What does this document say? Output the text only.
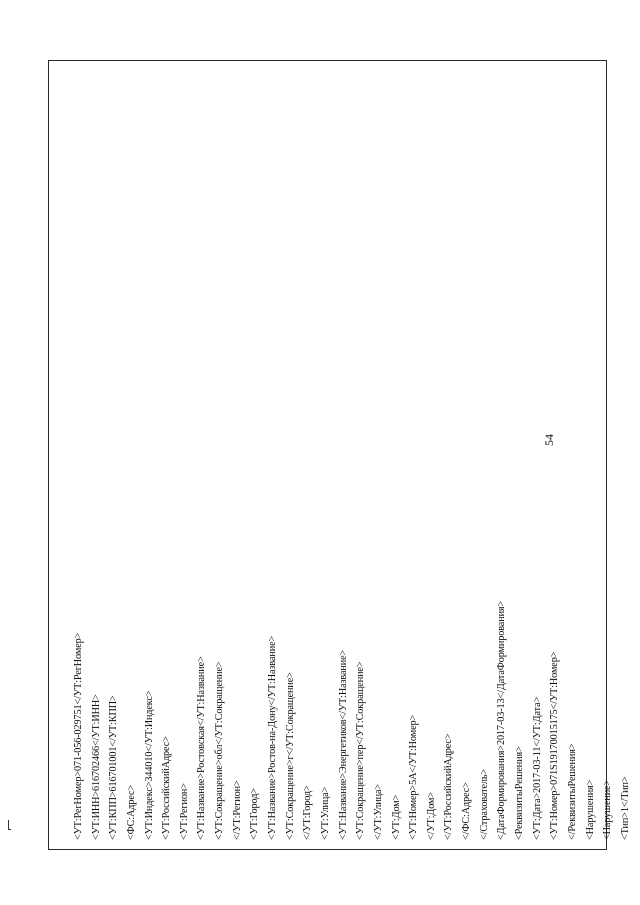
54
<УТ:РегНомер>071-056-029751</УТ:РегНомер> <УТ:ИНН>616702466</УТ:ИНН> <УТ:КПП>616701001</УТ:КПП> <ФС:Адрес> <УТ:Индекс>344010</УТ:Индекс> <УТ:РоссийскийАдрес> <УТ:Регион> <УТ:Название>Ростовская</УТ:Название> <УТ:Сокращение>обл</УТ:Сокращение> </УТ:Регион> <УТ:Город> <УТ:Название>Ростов-на-Дону</УТ:Название> <УТ:Сокращение>г</УТ:Сокращение> </УТ:Город> <УТ:Улица> <УТ:Название>Энергетиков</УТ:Название> <УТ:Сокращение>пер</УТ:Сокращение> </УТ:Улица> <УТ:Дом> <УТ:Номер>5А</УТ:Номер> </УТ:Дом> </УТ:РоссийскийАдрес> </ФС:Адрес> </Страхователь> <ДатаФормирования>2017-03-13</ДатаФормирования> <РеквизитыРешения> <УТ:Дата>2017-03-11</УТ:Дата> <УТ:Номер>071S19170015175</УТ:Номер> </РеквизитыРешения> <Нарушения> <Нарушение> <Тип>1</Тип>
